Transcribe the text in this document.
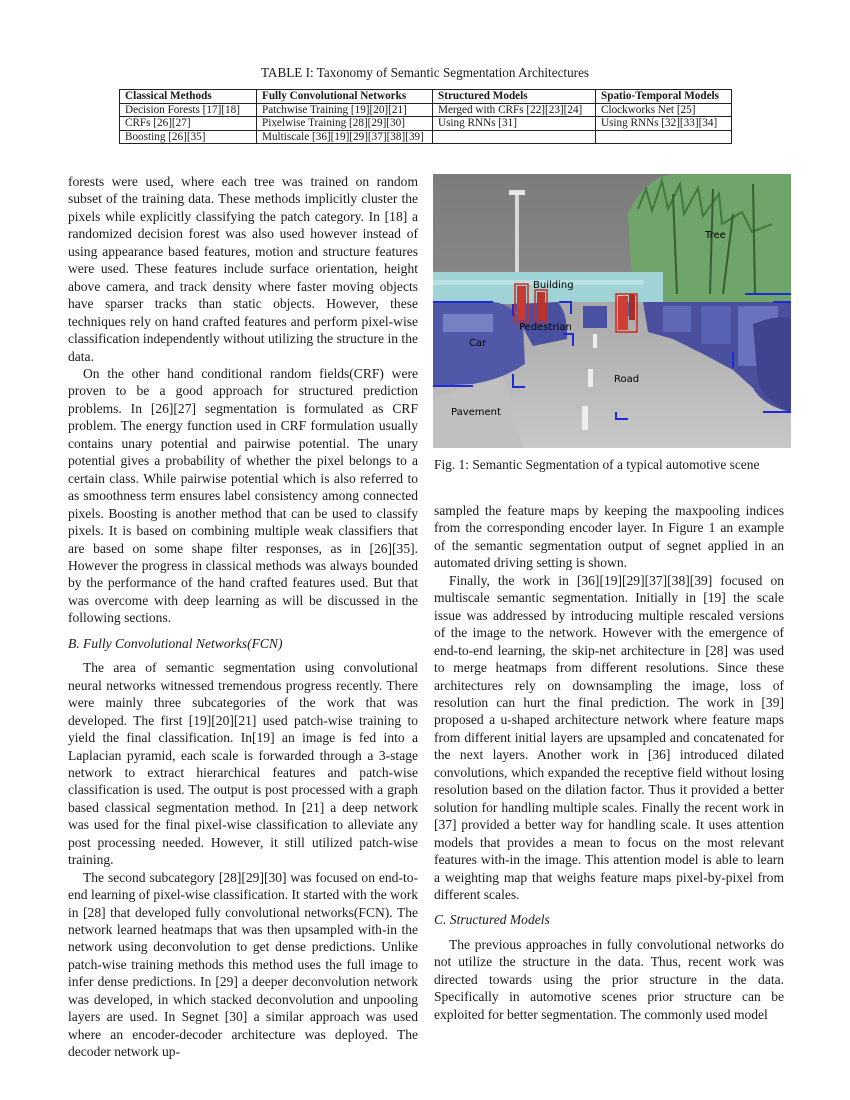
TABLE I: Taxonomy of Semantic Segmentation Architectures
Classical Methods	Fully Convolutional Networks	Structured Models	Spatio-Temporal Models
Decision Forests [17][18]	Patchwise Training [19][20][21]	Merged with CRFs [22][23][24]	Clockworks Net [25]
CRFs [26][27]	Pixelwise Training [28][29][30]	Using RNNs [31]	Using RNNs [32][33][34]
Boosting [26][35]	Multiscale [36][19][29][37][38][39]		

forests were used, where each tree was trained on random subset of the training data. These methods implicitly cluster the pixels while explicitly classifying the patch category. In [18] a randomized decision forest was also used however instead of using appearance based features, motion and structure features were used. These features include surface orientation, height above camera, and track density where faster moving objects have sparser tracks than static objects. However, these techniques rely on hand crafted features and perform pixel-wise classification independently without utilizing the structure in the data.

On the other hand conditional random fields(CRF) were proven to be a good approach for structured prediction problems. In [26][27] segmentation is formulated as CRF problem. The energy function used in CRF formulation usually contains unary potential and pairwise potential. The unary potential gives a probability of whether the pixel belongs to a certain class. While pairwise potential which is also referred to as smoothness term ensures label consistency among connected pixels. Boosting is another method that can be used to classify pixels. It is based on combining multiple weak classifiers that are based on some shape filter responses, as in [26][35]. However the progress in classical methods was always bounded by the performance of the hand crafted features used. But that was overcome with deep learning as will be discussed in the following sections.

B. Fully Convolutional Networks(FCN)

The area of semantic segmentation using convolutional neural networks witnessed tremendous progress recently. There were mainly three subcategories of the work that was developed. The first [19][20][21] used patch-wise training to yield the final classification. In[19] an image is fed into a Laplacian pyramid, each scale is forwarded through a 3-stage network to extract hierarchical features and patch-wise classification is used. The output is post processed with a graph based classical segmentation method. In [21] a deep network was used for the final pixel-wise classification to alleviate any post processing needed. However, it still utilized patch-wise training.

The second subcategory [28][29][30] was focused on end-to-end learning of pixel-wise classification. It started with the work in [28] that developed fully convolutional networks(FCN). The network learned heatmaps that was then upsampled with-in the network using deconvolution to get dense predictions. Unlike patch-wise training methods this method uses the full image to infer dense predictions. In [29] a deeper deconvolution network was developed, in which stacked deconvolution and unpooling layers are used. In Segnet [30] a similar approach was used where an encoder-decoder architecture was deployed. The decoder network up-

Tree
Building
Pedestrian
Car
Road
Pavement
Fig. 1: Semantic Segmentation of a typical automotive scene

sampled the feature maps by keeping the maxpooling indices from the corresponding encoder layer. In Figure 1 an example of the semantic segmentation output of segnet applied in an automated driving setting is shown.

Finally, the work in [36][19][29][37][38][39] focused on multiscale semantic segmentation. Initially in [19] the scale issue was addressed by introducing multiple rescaled versions of the image to the network. However with the emergence of end-to-end learning, the skip-net architecture in [28] was used to merge heatmaps from different resolutions. Since these architectures rely on downsampling the image, loss of resolution can hurt the final prediction. The work in [39] proposed a u-shaped architecture network where feature maps from different initial layers are upsampled and concatenated for the next layers. Another work in [36] introduced dilated convolutions, which expanded the receptive field without losing resolution based on the dilation factor. Thus it provided a better solution for handling multiple scales. Finally the recent work in [37] provided a better way for handling scale. It uses attention models that provides a mean to focus on the most relevant features with-in the image. This attention model is able to learn a weighting map that weighs feature maps pixel-by-pixel from different scales.

C. Structured Models

The previous approaches in fully convolutional networks do not utilize the structure in the data. Thus, recent work was directed towards using the prior structure in the data. Specifically in automotive scenes prior structure can be exploited for better segmentation. The commonly used model
